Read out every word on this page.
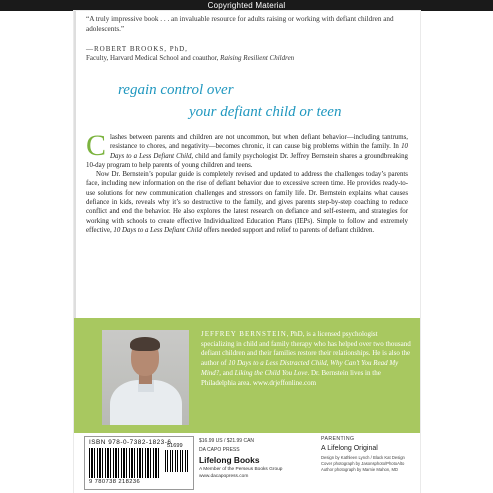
Copyrighted Material

“A truly impressive book . . . an invaluable resource for adults raising or working with defiant children and adolescents.”

—ROBERT BROOKS, PhD,
Faculty, Harvard Medical School and coauthor, Raising Resilient Children
regain control over
your defiant child or teen

Clashes between parents and children are not uncommon, but when defiant behavior—including tantrums, resistance to chores, and negativity—becomes chronic, it can cause big problems within the family. In 10 Days to a Less Defiant Child, child and family psychologist Dr. Jeffrey Bernstein shares a groundbreaking 10-day program to help parents of young children and teens.

Now Dr. Bernstein’s popular guide is completely revised and updated to address the challenges today’s parents face, including new information on the rise of defiant behavior due to excessive screen time. He provides ready-to-use solutions for new communication challenges and stressors on family life. Dr. Bernstein explains what causes defiance in kids, reveals why it’s so destructive to the family, and gives parents step-by-step coaching to reduce conflict and end the behavior. He also explores the latest research on defiance and self-esteem, and strategies for working with schools to create effective Individualized Education Plans (IEPs). Simple to follow and extremely effective, 10 Days to a Less Defiant Child offers needed support and relief to parents of defiant children.

JEFFREY BERNSTEIN, PhD, is a licensed psychologist specializing in child and family therapy who has helped over two thousand defiant children and their families restore their relationships. He is also the author of 10 Days to a Less Distracted Child, Why Can’t You Read My Mind?, and Liking the Child You Love. Dr. Bernstein lives in the Philadelphia area. www.drjeffonline.com
ISBN 978-0-7382-1823-6
9 780738 218236
51699
$16.99 US / $21.99 CAN
DA CAPO PRESS
Lifelong Books
A Member of the Perseus Books Group
www.dacapopress.com
PARENTING
A Lifelong Original
Design by Kathleen Lynch / Black Kat Design
Cover photograph by Jasonsphoto/PhotoAlto
Author photograph by Marnie Mahon, MD
